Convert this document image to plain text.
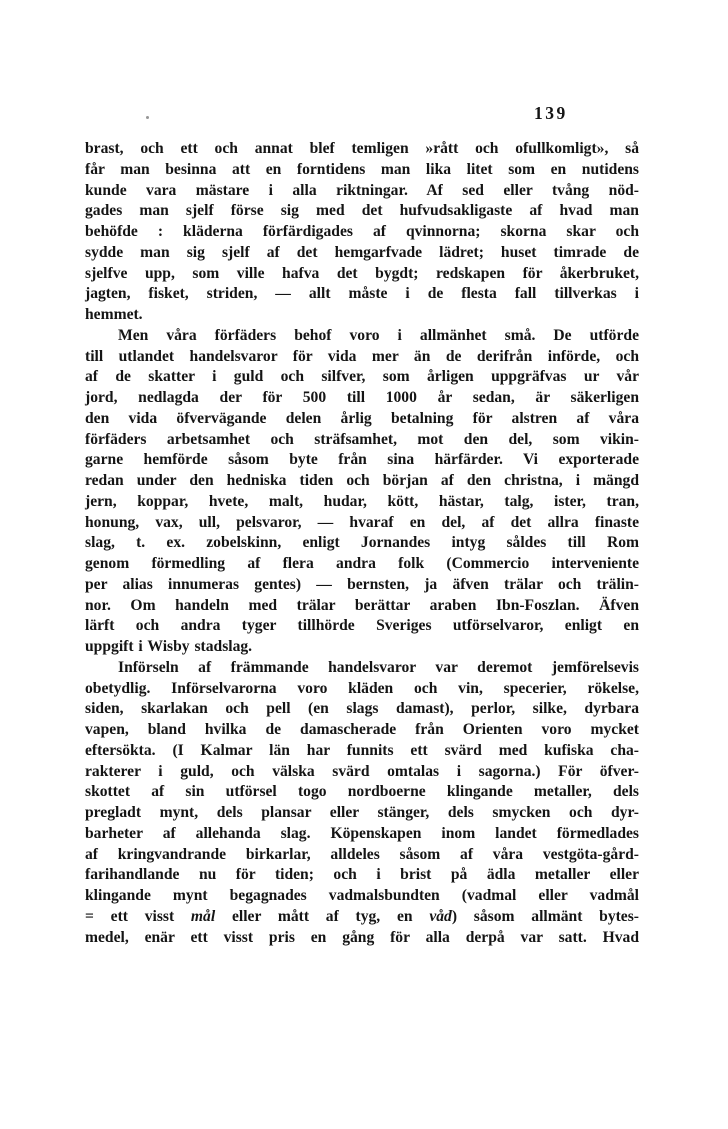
139
brast, och ett och annat blef temligen »rått och ofullkomligt», så
får man besinna att en forntidens man lika litet som en nutidens
kunde vara mästare i alla riktningar. Af sed eller tvång nöd-
gades man sjelf förse sig med det hufvudsakligaste af hvad man
behöfde : kläderna förfärdigades af qvinnorna; skorna skar och
sydde man sig sjelf af det hemgarfvade lädret; huset timrade de
sjelfve upp, som ville hafva det bygdt; redskapen för åkerbruket,
jagten, fisket, striden, — allt måste i de flesta fall tillverkas i
hemmet.
Men våra förfäders behof voro i allmänhet små. De utförde
till utlandet handelsvaror för vida mer än de derifrån införde, och
af de skatter i guld och silfver, som årligen uppgräfvas ur vår
jord, nedlagda der för 500 till 1000 år sedan, är säkerligen
den vida öfvervägande delen årlig betalning för alstren af våra
förfäders arbetsamhet och sträfsamhet, mot den del, som vikin-
garne hemförde såsom byte från sina härfärder. Vi exporterade
redan under den hedniska tiden och början af den christna, i mängd
jern, koppar, hvete, malt, hudar, kött, hästar, talg, ister, tran,
honung, vax, ull, pelsvaror, — hvaraf en del, af det allra finaste
slag, t. ex. zobelskinn, enligt Jornandes intyg såldes till Rom
genom förmedling af flera andra folk (Commercio interveniente
per alias innumeras gentes) — bernsten, ja äfven trälar och trälin-
nor. Om handeln med trälar berättar araben Ibn-Foszlan. Äfven
lärft och andra tyger tillhörde Sveriges utförselvaror, enligt en
uppgift i Wisby stadslag.
Införseln af främmande handelsvaror var deremot jemförelsevis
obetydlig. Införselvarorna voro kläden och vin, specerier, rökelse,
siden, skarlakan och pell (en slags damast), perlor, silke, dyrbara
vapen, bland hvilka de damascherade från Orienten voro mycket
eftersökta. (I Kalmar län har funnits ett svärd med kufiska cha-
rakterer i guld, och välska svärd omtalas i sagorna.) För öfver-
skottet af sin utförsel togo nordboerne klingande metaller, dels
pregladt mynt, dels plansar eller stänger, dels smycken och dyr-
barheter af allehanda slag. Köpenskapen inom landet förmedlades
af kringvandrande birkarlar, alldeles såsom af våra vestgöta-gård-
farihandlande nu för tiden; och i brist på ädla metaller eller
klingande mynt begagnades vadmalsbundten (vadmal eller vadmål
= ett visst mål eller mått af tyg, en våd) såsom allmänt bytes-
medel, enär ett visst pris en gång för alla derpå var satt. Hvad
